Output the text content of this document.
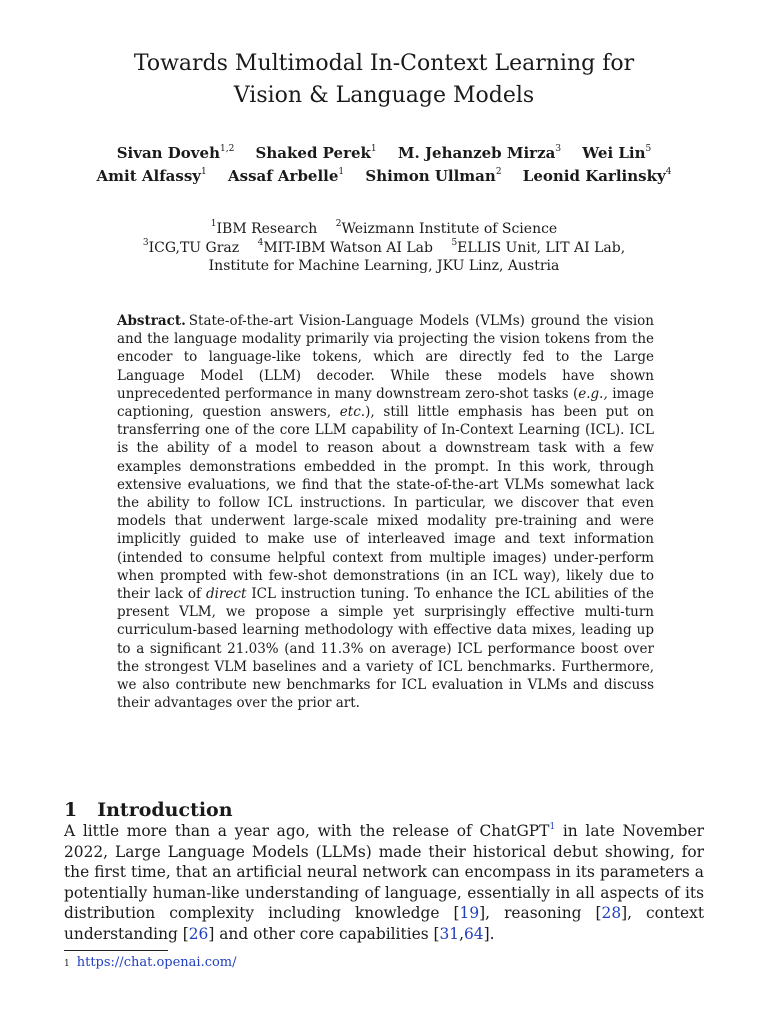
Towards Multimodal In-Context Learning for
Vision & Language Models
Sivan Doveh$^{1,2}$ Shaked Perek$^1$ M. Jehanzeb Mirza$^3$ Wei Lin$^5$
Amit Alfassy$^1$ Assaf Arbelle$^1$ Shimon Ullman$^2$ Leonid Karlinsky$^4$
$^1$IBM Research $^2$Weizmann Institute of Science
$^3$ICG,TU Graz $^4$MIT-IBM Watson AI Lab $^5$ELLIS Unit, LIT AI Lab,
Institute for Machine Learning, JKU Linz, Austria
Abstract. State-of-the-art Vision-Language Models (VLMs) ground the vision and the language modality primarily via projecting the vision tokens from the encoder to language-like tokens, which are directly fed to the Large Language Model (LLM) decoder. While these models have shown unprecedented performance in many downstream zero-shot tasks (e.g., image captioning, question answers, etc.), still little emphasis has been put on transferring one of the core LLM capability of In-Context Learning (ICL). ICL is the ability of a model to reason about a downstream task with a few examples demonstrations embedded in the prompt. In this work, through extensive evaluations, we find that the state-of-the-art VLMs somewhat lack the ability to follow ICL instructions. In particular, we discover that even models that underwent large-scale mixed modality pre-training and were implicitly guided to make use of interleaved image and text information (intended to consume helpful context from multiple images) under-perform when prompted with few-shot demonstrations (in an ICL way), likely due to their lack of direct ICL instruction tuning. To enhance the ICL abilities of the present VLM, we propose a simple yet surprisingly effective multi-turn curriculum-based learning methodology with effective data mixes, leading up to a significant 21.03% (and 11.3% on average) ICL performance boost over the strongest VLM baselines and a variety of ICL benchmarks. Furthermore, we also contribute new benchmarks for ICL evaluation in VLMs and discuss their advantages over the prior art.
1 Introduction
A little more than a year ago, with the release of ChatGPT$^1$ in late November 2022, Large Language Models (LLMs) made their historical debut showing, for the first time, that an artificial neural network can encompass in its parameters a potentially human-like understanding of language, essentially in all aspects of its distribution complexity including knowledge [19], reasoning [28], context understanding [26] and other core capabilities [31,64].
$^1$ https://chat.openai.com/
